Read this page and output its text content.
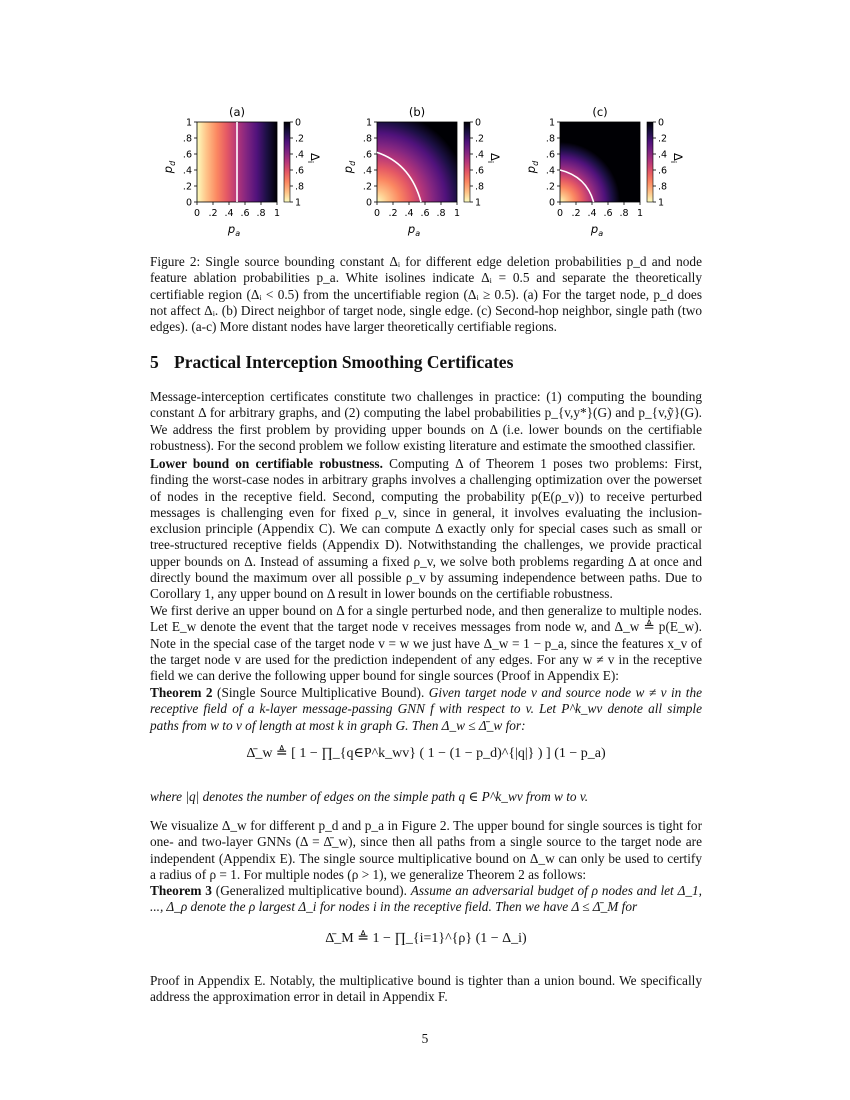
(a)
1
.8
.6
.4
.2
0
0 .2 .4 .6 .8 1
$p_d$
$p_a$
0
.2
.4
.6
.8
1
$\Delta_i$
(b)
1
.8
.6
.4
.2
0
0 .2 .4 .6 .8 1
$p_d$
$p_a$
0
.2
.4
.6
.8
1
$\Delta_i$
(c)
1
.8
.6
.4
.2
0
0 .2 .4 .6 .8 1
$p_d$
$p_a$
0
.2
.4
.6
.8
1
$\Delta_i$

Figure 2: Single source bounding constant Δᵢ for different edge deletion probabilities p_d and node feature ablation probabilities p_a. White isolines indicate Δᵢ = 0.5 and separate the theoretically certifiable region (Δᵢ < 0.5) from the uncertifiable region (Δᵢ ≥ 0.5). (a) For the target node, p_d does not affect Δᵢ. (b) Direct neighbor of target node, single edge. (c) Second-hop neighbor, single path (two edges). (a-c) More distant nodes have larger theoretically certifiable regions.

5 Practical Interception Smoothing Certificates

Message-interception certificates constitute two challenges in practice: (1) computing the bounding constant Δ for arbitrary graphs, and (2) computing the label probabilities p_{v,y*}(G) and p_{v,ỹ}(G). We address the first problem by providing upper bounds on Δ (i.e. lower bounds on the certifiable robustness). For the second problem we follow existing literature and estimate the smoothed classifier.

Lower bound on certifiable robustness. Computing Δ of Theorem 1 poses two problems: First, finding the worst-case nodes in arbitrary graphs involves a challenging optimization over the powerset of nodes in the receptive field. Second, computing the probability p(E(ρ_v)) to receive perturbed messages is challenging even for fixed ρ_v, since in general, it involves evaluating the inclusion-exclusion principle (Appendix C). We can compute Δ exactly only for special cases such as small or tree-structured receptive fields (Appendix D). Notwithstanding the challenges, we provide practical upper bounds on Δ. Instead of assuming a fixed ρ_v, we solve both problems regarding Δ at once and directly bound the maximum over all possible ρ_v by assuming independence between paths. Due to Corollary 1, any upper bound on Δ result in lower bounds on the certifiable robustness.

We first derive an upper bound on Δ for a single perturbed node, and then generalize to multiple nodes. Let E_w denote the event that the target node v receives messages from node w, and Δ_w ≜ p(E_w). Note in the special case of the target node v = w we just have Δ_w = 1 − p_a, since the features x_v of the target node v are used for the prediction independent of any edges. For any w ≠ v in the receptive field we can derive the following upper bound for single sources (Proof in Appendix E):

Theorem 2 (Single Source Multiplicative Bound). Given target node v and source node w ≠ v in the receptive field of a k-layer message-passing GNN f with respect to v. Let P^k_wv denote all simple paths from w to v of length at most k in graph G. Then Δ_w ≤ Δ̄_w for:

Δ̄_w ≜ [ 1 − ∏_{q∈P^k_wv} ( 1 − (1 − p_d)^{|q|} ) ] (1 − p_a)

where |q| denotes the number of edges on the simple path q ∈ P^k_wv from w to v.

We visualize Δ_w for different p_d and p_a in Figure 2. The upper bound for single sources is tight for one- and two-layer GNNs (Δ = Δ̄_w), since then all paths from a single source to the target node are independent (Appendix E). The single source multiplicative bound on Δ_w can only be used to certify a radius of ρ = 1. For multiple nodes (ρ > 1), we generalize Theorem 2 as follows:

Theorem 3 (Generalized multiplicative bound). Assume an adversarial budget of ρ nodes and let Δ_1, ..., Δ_ρ denote the ρ largest Δ_i for nodes i in the receptive field. Then we have Δ ≤ Δ̄_M for

Δ̄_M ≜ 1 − ∏_{i=1}^{ρ} (1 − Δ_i)

Proof in Appendix E. Notably, the multiplicative bound is tighter than a union bound. We specifically address the approximation error in detail in Appendix F.

5
